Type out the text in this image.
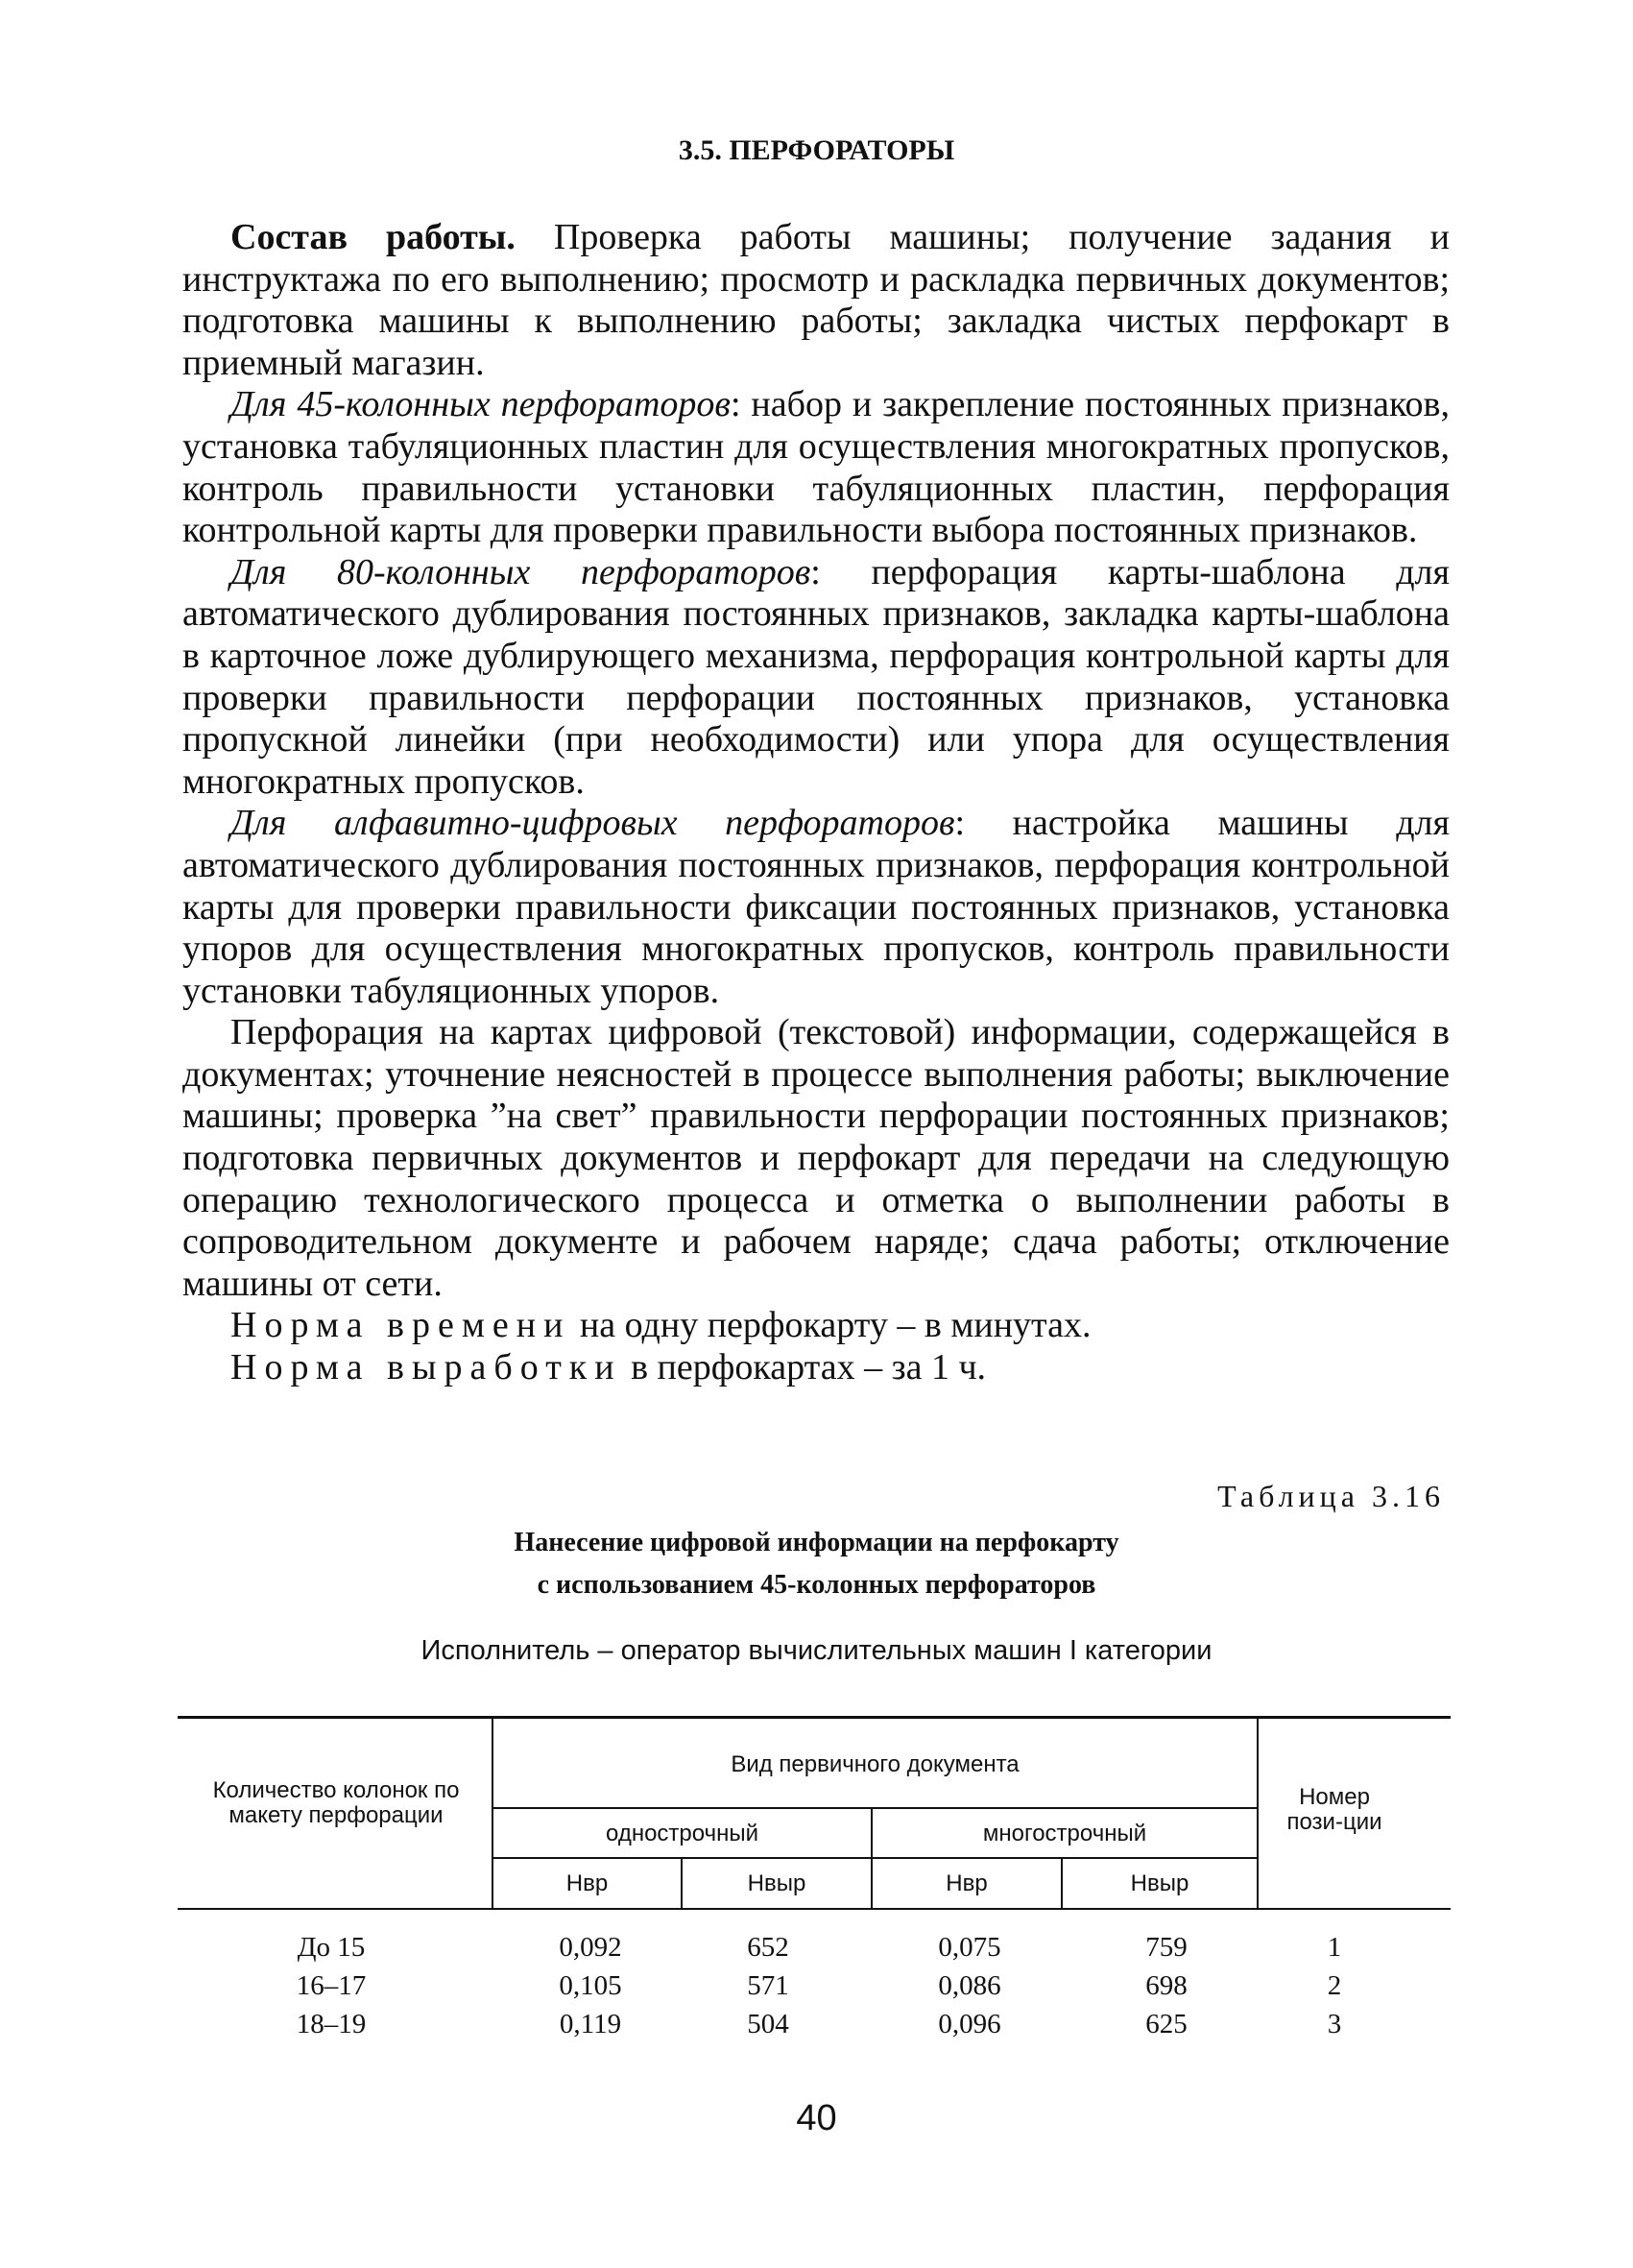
3.5. ПЕРФОРАТОРЫ

Состав работы. Проверка работы машины; получение задания и инструктажа по его выполнению; просмотр и раскладка первичных документов; подготовка машины к выполнению работы; закладка чистых перфокарт в приемный магазин.

Для 45-колонных перфораторов: набор и закрепление постоянных признаков, установка табуляционных пластин для осуществления многократных пропусков, контроль правильности установки табуляционных пластин, перфорация контрольной карты для проверки правильности выбора постоянных признаков.

Для 80-колонных перфораторов: перфорация карты-шаблона для автоматического дублирования постоянных признаков, закладка карты-шаблона в карточное ложе дублирующего механизма, перфорация контрольной карты для проверки правильности перфорации постоянных признаков, установка пропускной линейки (при необходимости) или упора для осуществления многократных пропусков.

Для алфавитно-цифровых перфораторов: настройка машины для автоматического дублирования постоянных признаков, перфорация контрольной карты для проверки правильности фиксации постоянных признаков, установка упоров для осуществления многократных пропусков, контроль правильности установки табуляционных упоров.

Перфорация на картах цифровой (текстовой) информации, содержащейся в документах; уточнение неясностей в процессе выполнения работы; выключение машины; проверка ”на свет” правильности перфорации постоянных признаков; подготовка первичных документов и перфокарт для передачи на следующую операцию технологического процесса и отметка о выполнении работы в сопроводительном документе и рабочем наряде; сдача работы; отключение машины от сети.

Норма времени на одну перфокарту – в минутах.

Норма выработки в перфокартах – за 1 ч.

Таблица 3.16
Нанесение цифровой информации на перфокарту
с использованием 45-колонных перфораторов
Исполнитель – оператор вычислительных машин I категории
Количество колонок по макету перфорации
Вид первичного документа
однострочный	многострочный
Нвр	Нвыр	Нвр	Нвыр
Номер пози-ции
До 15	0,092	652	0,075	759	1
16–17	0,105	571	0,086	698	2
18–19	0,119	504	0,096	625	3
40
